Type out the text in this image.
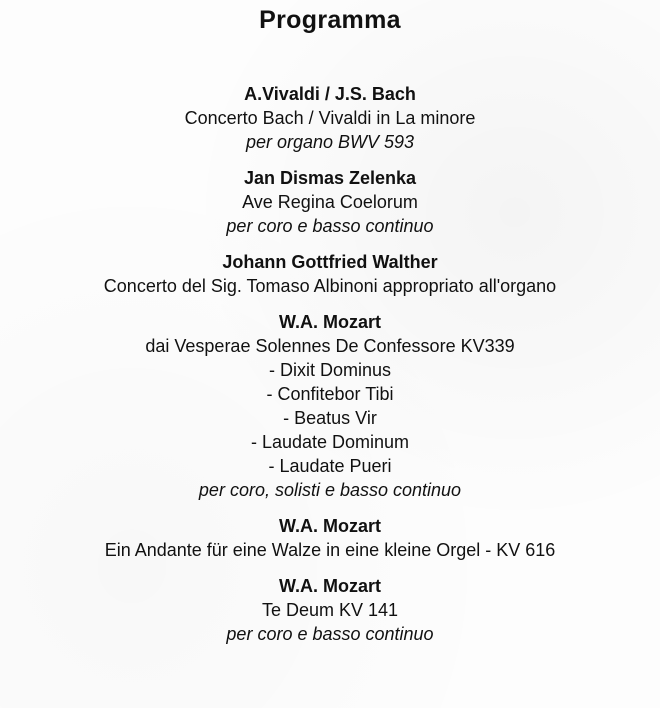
Programma
A.Vivaldi / J.S. Bach
Concerto Bach / Vivaldi in La minore
per organo BWV 593
Jan Dismas Zelenka
Ave Regina Coelorum
per coro e basso continuo
Johann Gottfried Walther
Concerto del Sig. Tomaso Albinoni appropriato all'organo
W.A. Mozart
dai Vesperae Solennes De Confessore KV339
- Dixit Dominus
- Confitebor Tibi
- Beatus Vir
- Laudate Dominum
- Laudate Pueri
per coro, solisti e basso continuo
W.A. Mozart
Ein Andante für eine Walze in eine kleine Orgel - KV 616
W.A. Mozart
Te Deum KV 141
per coro e basso continuo
